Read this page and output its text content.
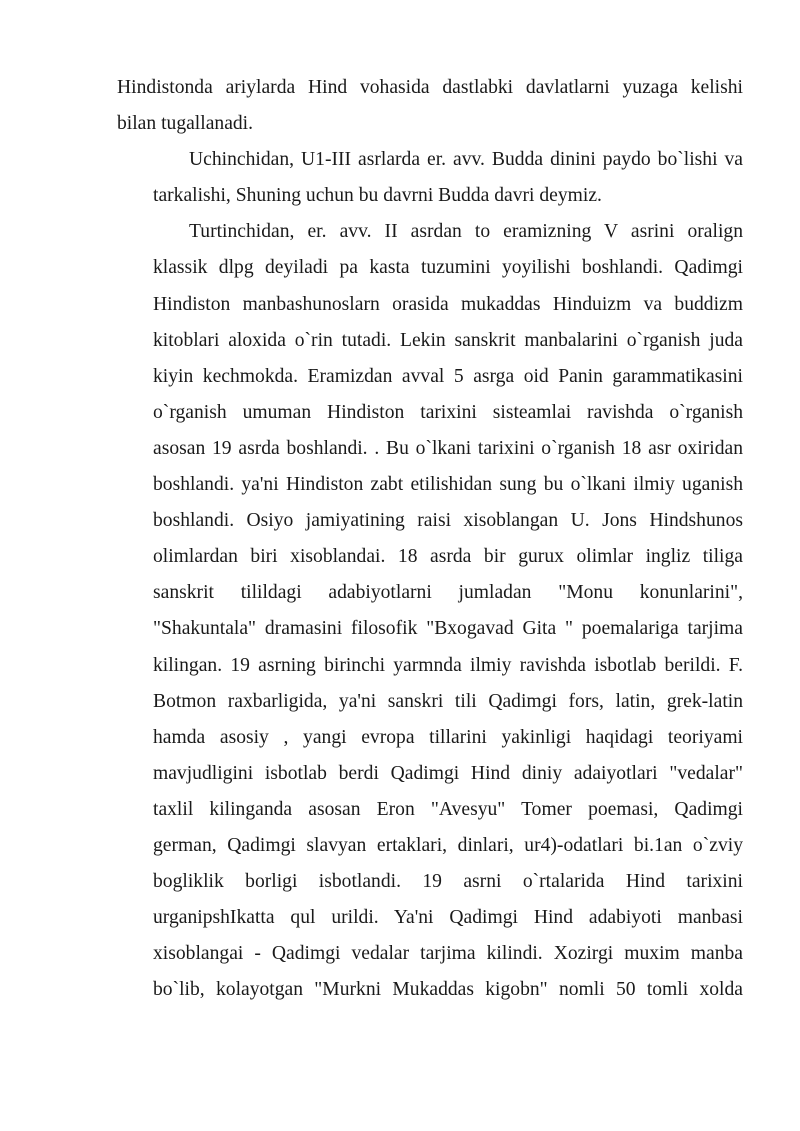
Hindistonda ariylarda Hind vohasida dastlabki davlatlarni yuzaga kelishi
bilan tugallanadi.

Uchinchidan, U1-III asrlarda er. avv. Budda dinini paydo bo`lishi va
tarkalishi, Shuning uchun bu davrni Budda davri deymiz.

Turtinchidan, er. avv. II asrdan to eramizning V asrini oralign
klassik dlpg deyiladi pa kasta tuzumini yoyilishi boshlandi. Qadimgi
Hindiston manbashunoslarn orasida mukaddas Hinduizm va buddizm
kitoblari aloxida o`rin tutadi. Lekin sanskrit manbalarini o`rganish juda
kiyin kechmokda. Eramizdan avval 5 asrga oid Panin garammatikasini
o`rganish umuman Hindiston tarixini sisteamlai ravishda o`rganish
asosan 19 asrda boshlandi. . Bu o`lkani tarixini o`rganish 18 asr oxiridan
boshlandi. ya'ni Hindiston zabt etilishidan sung bu o`lkani ilmiy uganish
boshlandi. Osiyo jamiyatining raisi xisoblangan U. Jons Hindshunos
olimlardan biri xisoblandai. 18 asrda bir gurux olimlar ingliz tiliga
sanskrit tilildagi adabiyotlarni jumladan "Monu konunlarini",
"Shakuntala" dramasini filosofik "Bxogavad Gita " poemalariga tarjima
kilingan. 19 asrning birinchi yarmnda ilmiy ravishda isbotlab berildi. F.
Botmon raxbarligida, ya'ni sanskri tili Qadimgi fors, latin, grek-latin
hamda asosiy , yangi evropa tillarini yakinligi haqidagi teoriyami
mavjudligini isbotlab berdi Qadimgi Hind diniy adaiyotlari "vedalar"
taxlil kilinganda asosan Eron "Avesyu" Tomer poemasi, Qadimgi
german, Qadimgi slavyan ertaklari, dinlari, ur4)-odatlari bi.1an o`zviy
bogliklik borligi isbotlandi. 19 asrni o`rtalarida Hind tarixini
urganipshIkatta qul urildi. Ya'ni Qadimgi Hind adabiyoti manbasi
xisoblangai - Qadimgi vedalar tarjima kilindi. Xozirgi muxim manba
bo`lib, kolayotgan "Murkni Mukaddas kigobn" nomli 50 tomli xolda
